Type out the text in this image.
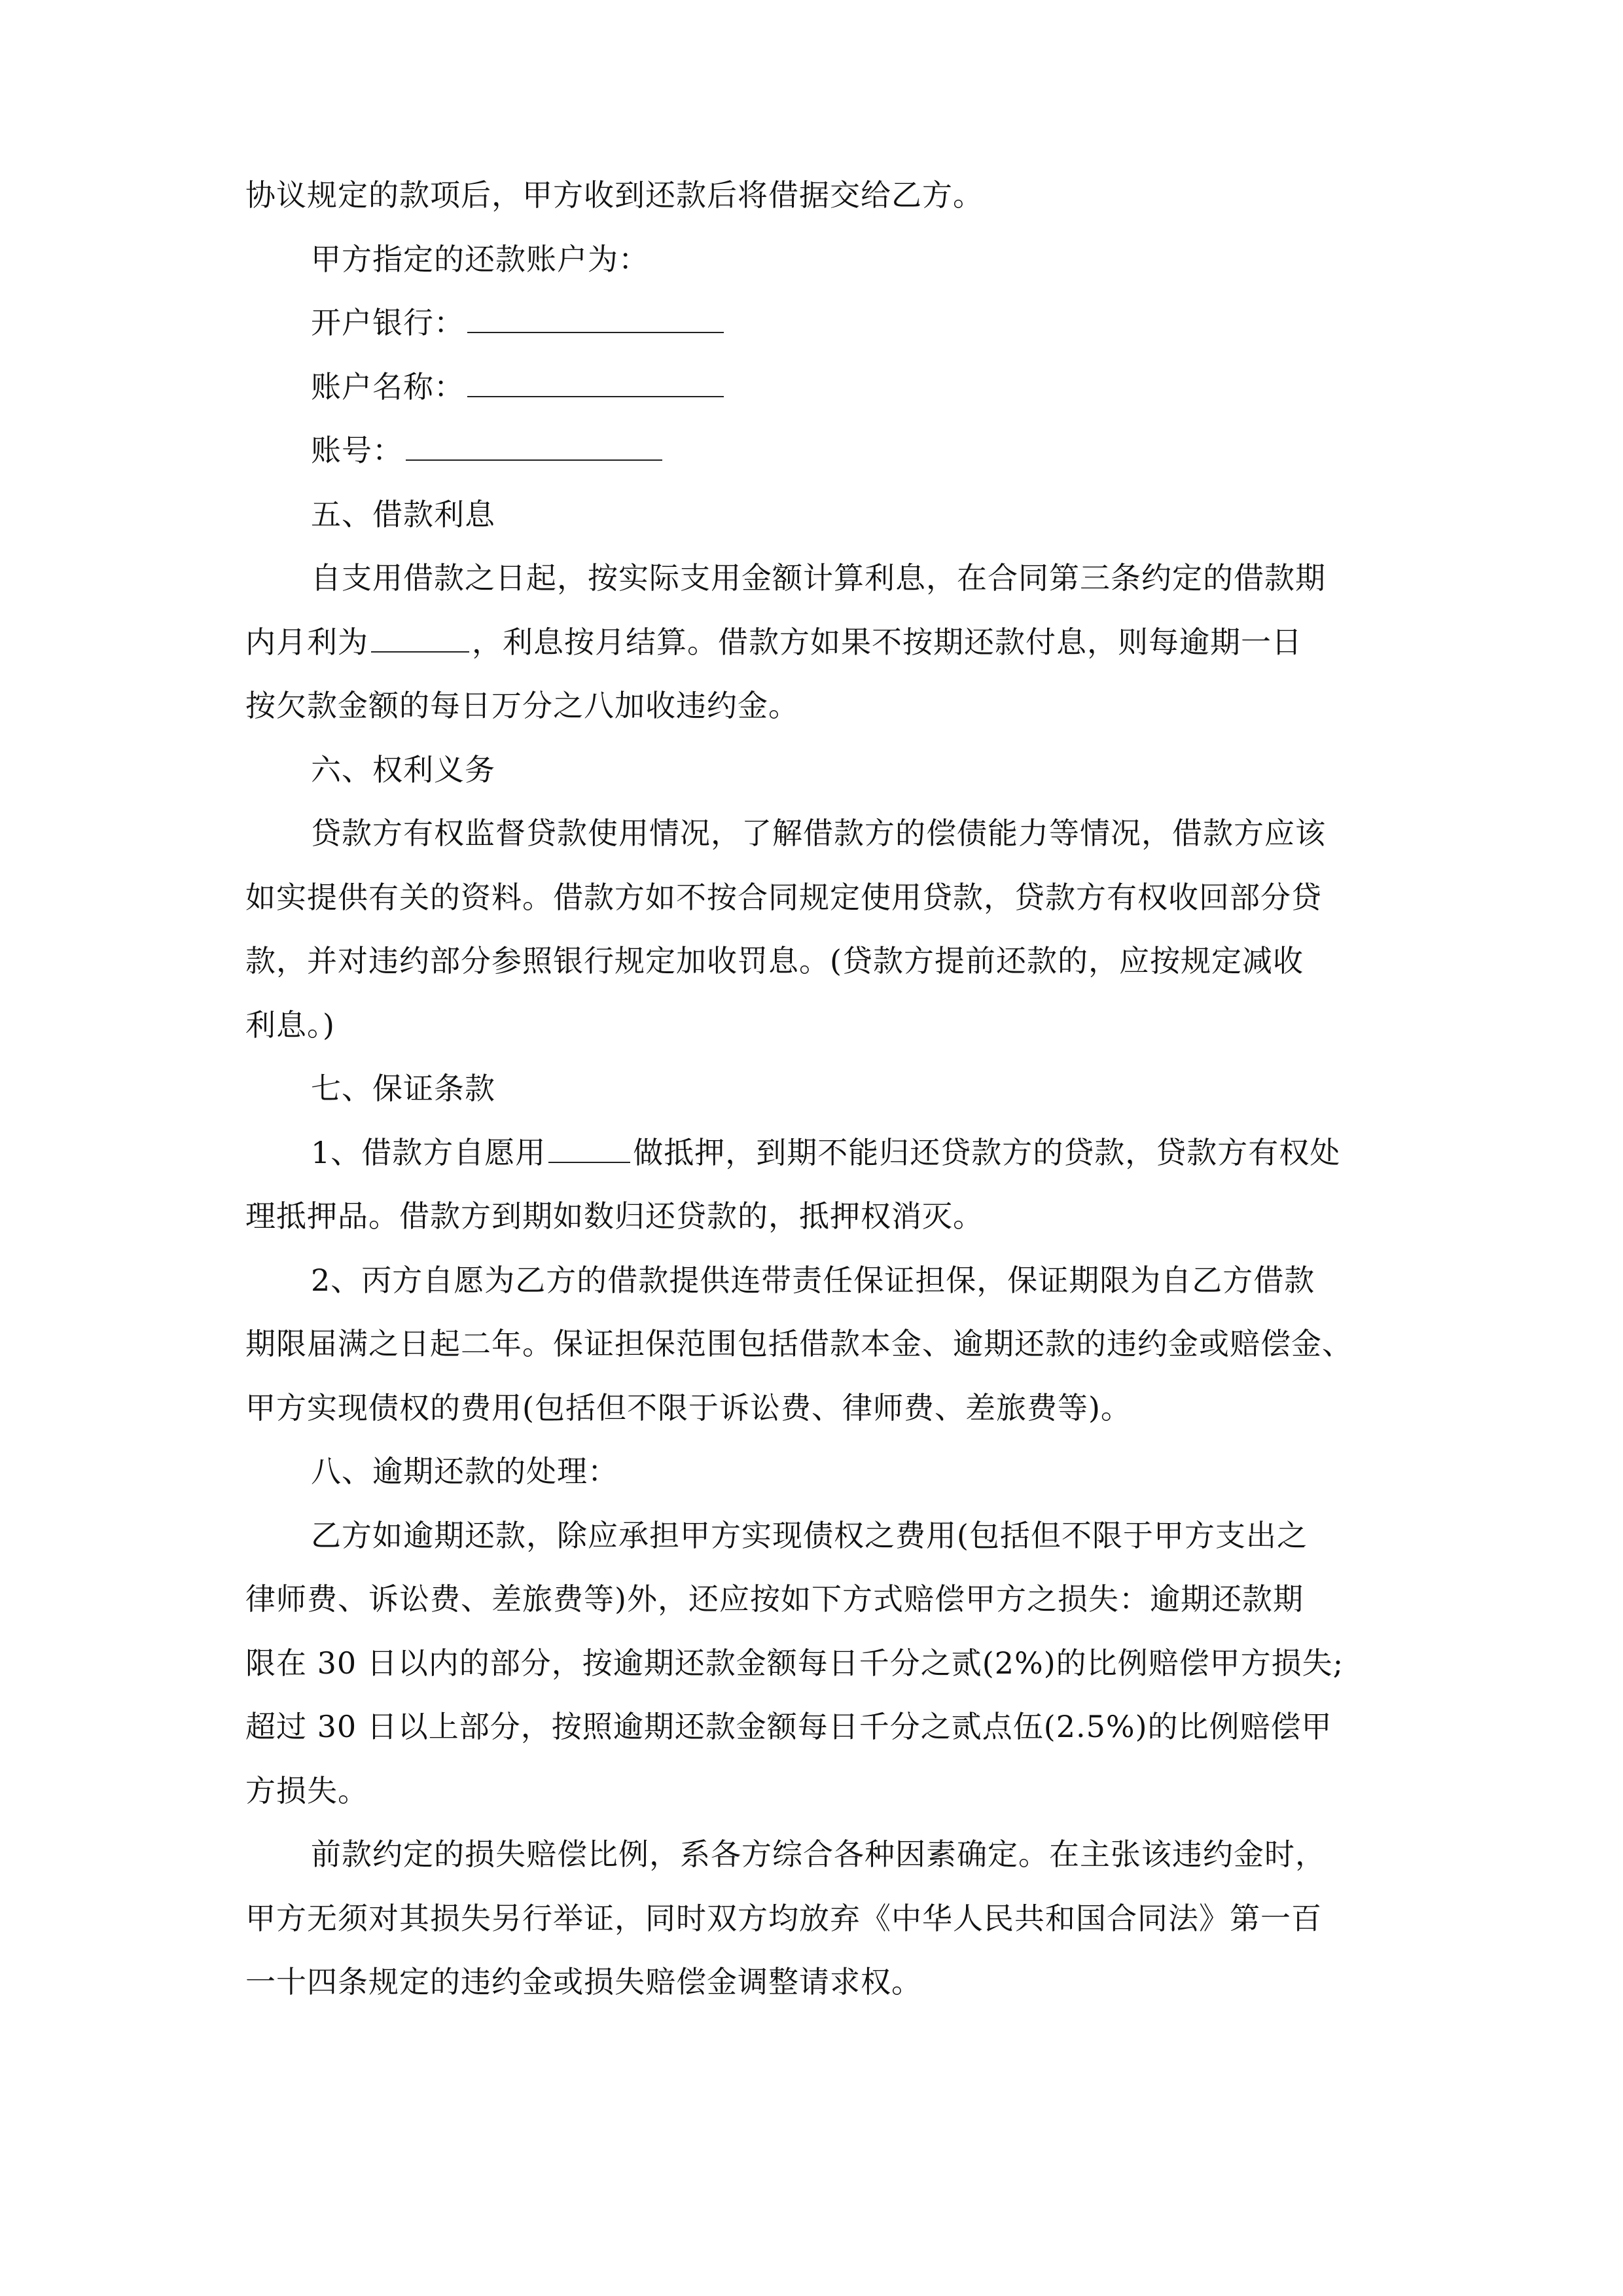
协议规定的款项后，甲方收到还款后将借据交给乙方。

甲方指定的还款账户为：

开户银行：

账户名称：

账号：

五、借款利息

自支用借款之日起，按实际支用金额计算利息，在合同第三条约定的借款期

内月利为	，利息按月结算。借款方如果不按期还款付息，则每逾期一日

按欠款金额的每日万分之八加收违约金。

六、权利义务

贷款方有权监督贷款使用情况，了解借款方的偿债能力等情况，借款方应该

如实提供有关的资料。借款方如不按合同规定使用贷款，贷款方有权收回部分贷

款，并对违约部分参照银行规定加收罚息。(贷款方提前还款的，应按规定减收

利息。)

七、保证条款

1、借款方自愿用	做抵押，到期不能归还贷款方的贷款，贷款方有权处

理抵押品。借款方到期如数归还贷款的，抵押权消灭。

2、丙方自愿为乙方的借款提供连带责任保证担保，保证期限为自乙方借款

期限届满之日起二年。保证担保范围包括借款本金、逾期还款的违约金或赔偿金、

甲方实现债权的费用(包括但不限于诉讼费、律师费、差旅费等)。

八、逾期还款的处理：

乙方如逾期还款，除应承担甲方实现债权之费用(包括但不限于甲方支出之

律师费、诉讼费、差旅费等)外，还应按如下方式赔偿甲方之损失：逾期还款期

限在 30 日以内的部分，按逾期还款金额每日千分之贰(2%)的比例赔偿甲方损失;

超过 30 日以上部分，按照逾期还款金额每日千分之贰点伍(2.5%)的比例赔偿甲

方损失。

前款约定的损失赔偿比例，系各方综合各种因素确定。在主张该违约金时，

甲方无须对其损失另行举证，同时双方均放弃《中华人民共和国合同法》第一百

一十四条规定的违约金或损失赔偿金调整请求权。
